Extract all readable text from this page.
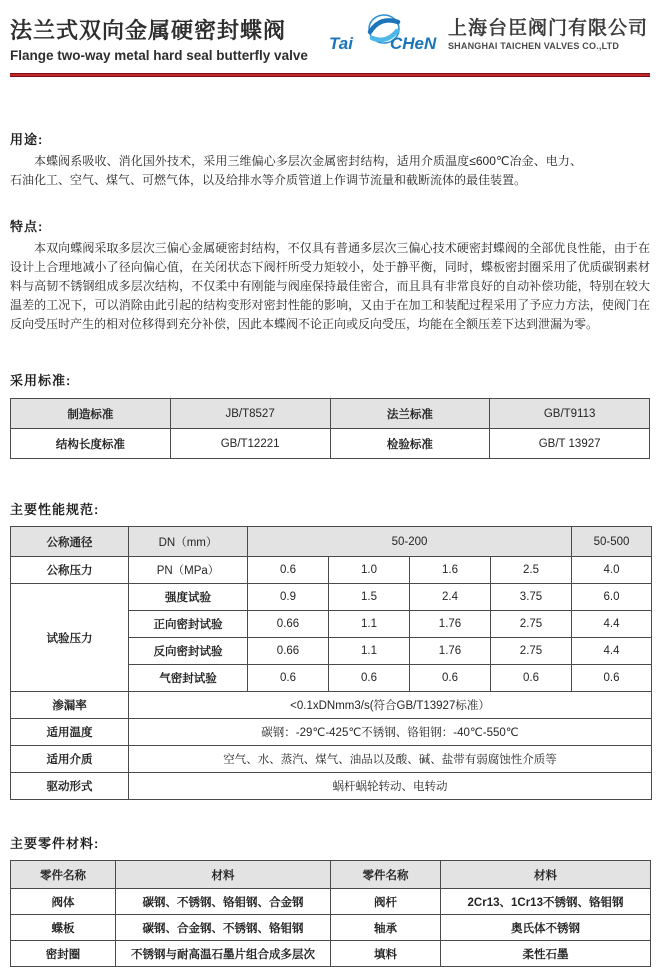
法兰式双向金属硬密封蝶阀
Flange two-way metal hard seal butterfly valve
Tai CHeN
上海台臣阀门有限公司
SHANGHAI TAICHEN VALVES CO.,LTD
用途:
本蝶阀系吸收、消化国外技术，采用三维偏心多层次金属密封结构，适用介质温度≤600℃冶金、电力、石油化工、空气、煤气、可燃气体，以及给排水等介质管道上作调节流量和截断流体的最佳装置。
特点:
本双向蝶阀采取多层次三偏心金属硬密封结构，不仅具有普通多层次三偏心技术硬密封蝶阀的全部优良性能，由于在设计上合理地减小了径向偏心值，在关闭状态下阀杆所受力矩较小，处于静平衡，同时，蝶板密封圈采用了优质碳钢素材料与高韧不锈钢组成多层次结构，不仅柔中有刚能与阀座保持最佳密合，而且具有非常良好的自动补偿功能，特别在较大温差的工况下，可以消除由此引起的结构变形对密封性能的影响，又由于在加工和装配过程采用了予应力方法，使阀门在反向受压时产生的相对位移得到充分补偿，因此本蝶阀不论正向或反向受压，均能在全额压差下达到泄漏为零。
采用标准:
制造标准	JB/T8527	法兰标准	GB/T9113
结构长度标准	GB/T12221	检验标准	GB/T 13927
主要性能规范:
公称通径	DN（mm）	50-200				50-500
公称压力	PN（MPa）	0.6	1.0	1.6	2.5	4.0
试验压力	强度试验	0.9	1.5	2.4	3.75	6.0
	正向密封试验	0.66	1.1	1.76	2.75	4.4
	反向密封试验	0.66	1.1	1.76	2.75	4.4
	气密封试验	0.6	0.6	0.6	0.6	0.6
渗漏率	<0.1xDNmm3/s(符合GB/T13927标准）					
适用温度	碳钢：-29℃-425℃不锈钢、铬钼钢：-40℃-550℃					
适用介质	空气、水、蒸汽、煤气、油品以及酸、碱、盐带有弱腐蚀性介质等					
驱动形式	蜗杆蜗轮转动、电转动					
主要零件材料:
零件名称	材料	零件名称	材料
阀体	碳钢、不锈钢、铬钼钢、合金钢	阀杆	2Cr13、1Cr13不锈钢、铬钼钢
蝶板	碳钢、合金钢、不锈钢、铬钼钢	轴承	奥氏体不锈钢
密封圈	不锈钢与耐高温石墨片组合成多层次	填料	柔性石墨
